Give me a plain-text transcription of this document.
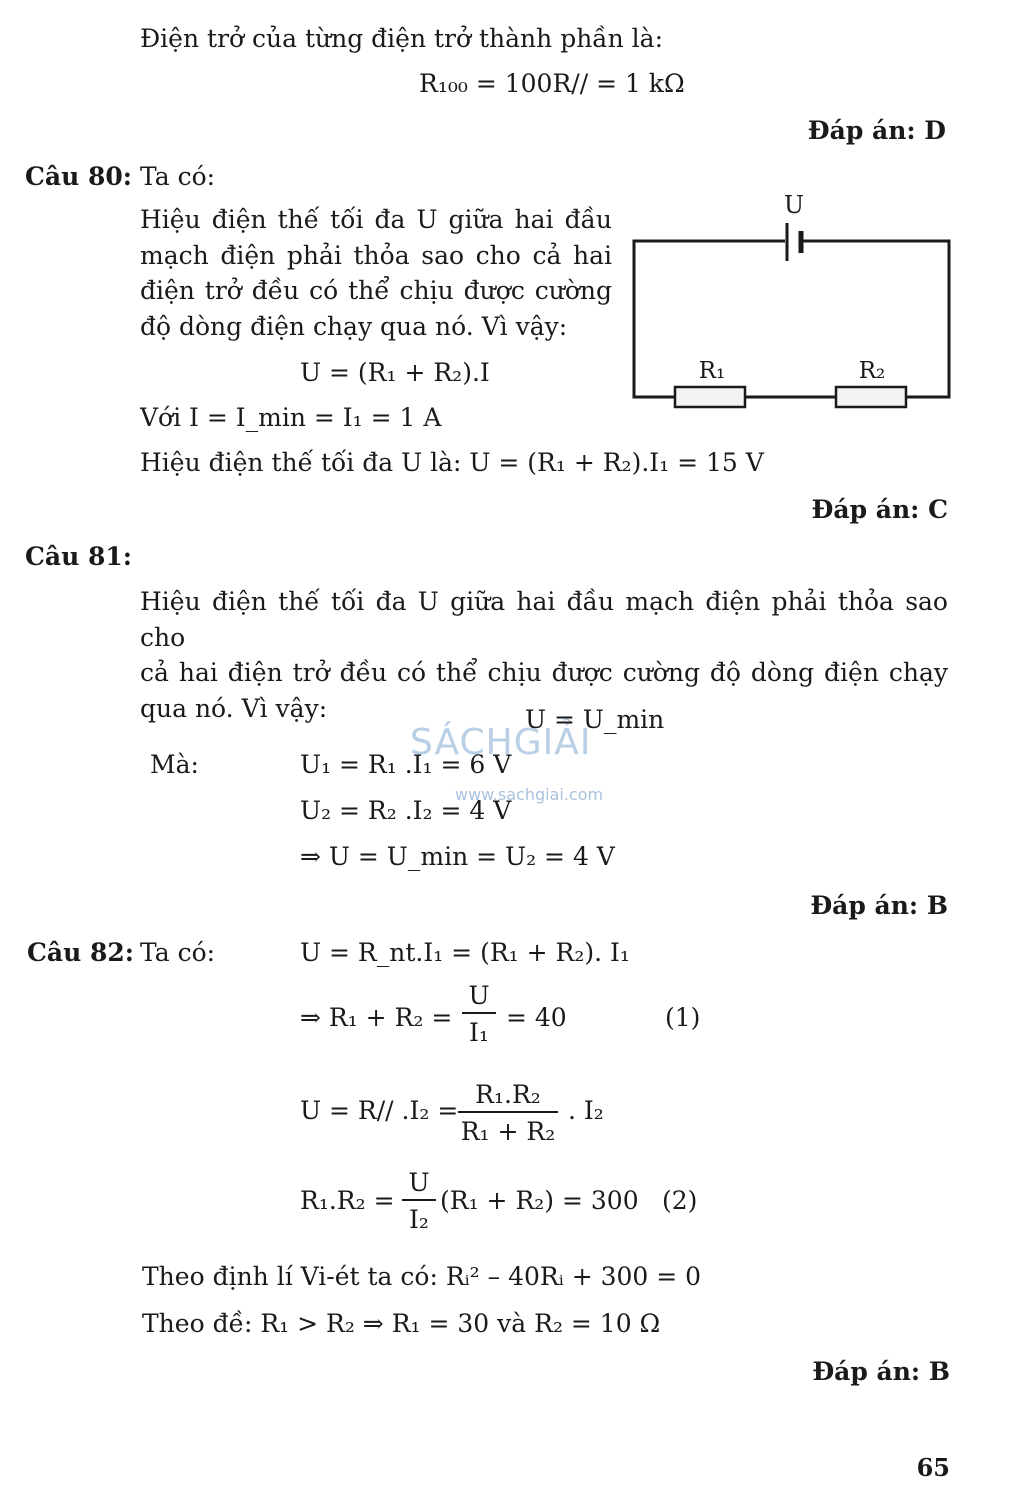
Điện trở của từng điện trở thành phần là:
R₁₀₀ = 100R// = 1 kΩ
Đáp án: D
Câu 80: Ta có:
Hiệu điện thế tối đa U giữa hai đầu
mạch điện phải thỏa sao cho cả hai
điện trở đều có thể chịu được cường
độ dòng điện chạy qua nó. Vì vậy:
U = (R₁ + R₂).I
Với I = I_min = I₁ = 1 A
Hiệu điện thế tối đa U là: U = (R₁ + R₂).I₁ = 15 V
Đáp án: C
U
R₁	R₂
Câu 81:
Hiệu điện thế tối đa U giữa hai đầu mạch điện phải thỏa sao cho
cả hai điện trở đều có thể chịu được cường độ dòng điện chạy
qua nó. Vì vậy:
SÁCHGIẢI
www.sachgiai.com
U = U_min
Mà:	U₁ = R₁ .I₁ = 6 V
U₂ = R₂ .I₂ = 4 V
⇒ U = U_min = U₂ = 4 V
Đáp án: B
Câu 82: Ta có:	U = R_nt.I₁ = (R₁ + R₂). I₁
⇒ $R_1 + R_2 = \frac{U}{\text{I₁}} = 40$	(1)
U = R// $.I_2 = \frac{\text{R₁.R₂}}{\text{R₁ + R₂}}$ . I₂
$R_1.R_2 = \frac{U}{\text{I₂}} (R_1 + R_2) = 300$ (2)
Theo định lí Vi-ét ta có: Rᵢ² – 40Rᵢ + 300 = 0
Theo đề: R₁ > R₂ ⇒ R₁ = 30 và R₂ = 10 Ω
Đáp án: B
65
